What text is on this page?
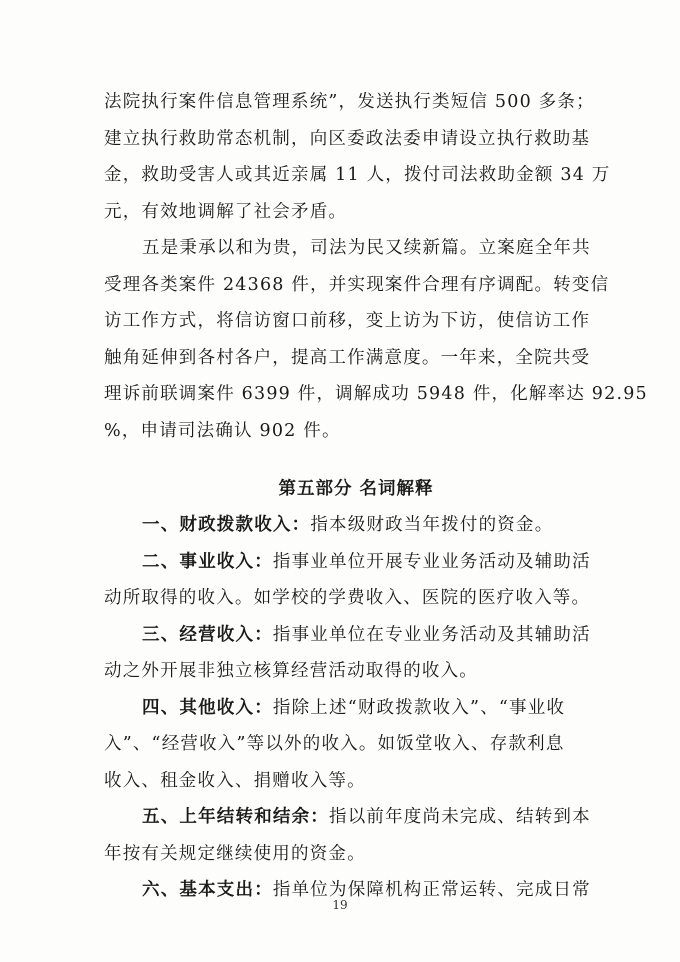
法院执行案件信息管理系统”，发送执行类短信 500 多条；

建立执行救助常态机制，向区委政法委申请设立执行救助基

金，救助受害人或其近亲属 11 人，拨付司法救助金额 34 万

元，有效地调解了社会矛盾。

五是秉承以和为贵，司法为民又续新篇。立案庭全年共

受理各类案件 24368 件，并实现案件合理有序调配。转变信

访工作方式，将信访窗口前移，变上访为下访，使信访工作

触角延伸到各村各户，提高工作满意度。一年来，全院共受

理诉前联调案件 6399 件，调解成功 5948 件，化解率达 92.95

%，申请司法确认 902 件。

第五部分 名词解释

一、财政拨款收入：指本级财政当年拨付的资金。

二、事业收入：指事业单位开展专业业务活动及辅助活

动所取得的收入。如学校的学费收入、医院的医疗收入等。

三、经营收入：指事业单位在专业业务活动及其辅助活

动之外开展非独立核算经营活动取得的收入。

四、其他收入：指除上述“财政拨款收入”、“事业收

入”、“经营收入”等以外的收入。如饭堂收入、存款利息

收入、租金收入、捐赠收入等。

五、上年结转和结余：指以前年度尚未完成、结转到本

年按有关规定继续使用的资金。

六、基本支出：指单位为保障机构正常运转、完成日常

19
